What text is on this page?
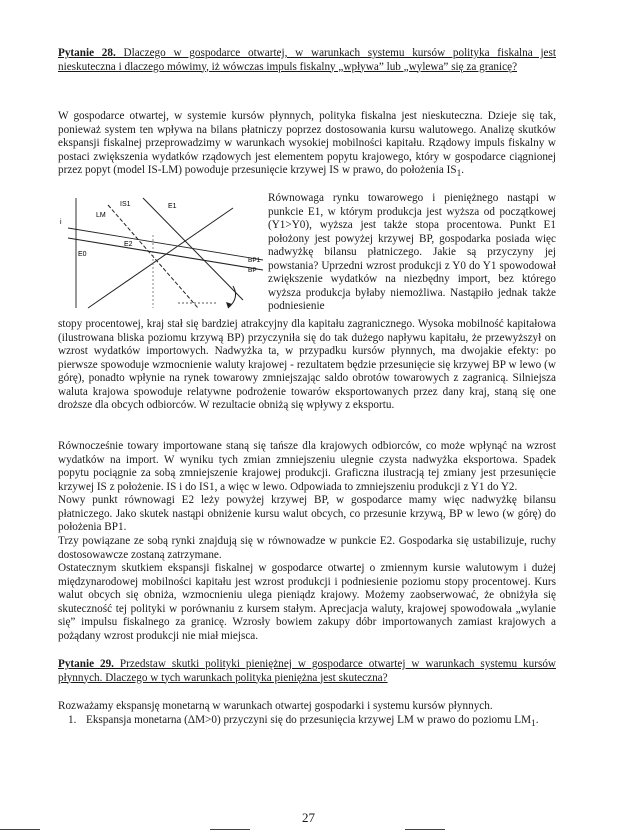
Pytanie 28. Dlaczego w gospodarce otwartej, w warunkach systemu kursów polityka fiskalna jest nieskuteczna i dlaczego mówimy, iż wówczas impuls fiskalny „wpływa” lub „wylewa” się za granicę?

W gospodarce otwartej, w systemie kursów płynnych, polityka fiskalna jest nieskuteczna. Dzieje się tak, ponieważ system ten wpływa na bilans płatniczy poprzez dostosowania kursu walutowego. Analizę skutków ekspansji fiskalnej przeprowadzimy w warunkach wysokiej mobilności kapitału. Rządowy impuls fiskalny w postaci zwiększenia wydatków rządowych jest elementem popytu krajowego, który w gospodarce ciągnionej przez popyt (model IS-LM) powoduje przesunięcie krzywej IS w prawo, do położenia $IS_1$.

IS1
LM
E1
i
BP
E0
E2
BP1

Równowaga rynku towarowego i pieniężnego nastąpi w punkcie E1, w którym produkcja jest wyższa od początkowej (Y1>Y0), wyższa jest także stopa procentowa. Punkt E1 położony jest powyżej krzywej BP, gospodarka posiada więc nadwyżkę bilansu płatniczego. Jakie są przyczyny jej powstania? Uprzedni wzrost produkcji z Y0 do Y1 spowodował zwiększenie wydatków na niezbędny import, bez którego wyższa produkcja byłaby niemożliwa. Nastąpiło jednak także podniesienie

stopy procentowej, kraj stał się bardziej atrakcyjny dla kapitału zagranicznego. Wysoka mobilność kapitałowa (ilustrowana bliska poziomu krzywą BP) przyczyniła się do tak dużego napływu kapitału, że przewyższył on wzrost wydatków importowych. Nadwyżka ta, w przypadku kursów płynnych, ma dwojakie efekty: po pierwsze spowoduje wzmocnienie waluty krajowej - rezultatem będzie przesunięcie się krzywej BP w lewo (w górę), ponadto wpłynie na rynek towarowy zmniejszając saldo obrotów towarowych z zagranicą. Silniejsza waluta krajowa spowoduje relatywne podrożenie towarów eksportowanych przez dany kraj, staną się one droższe dla obcych odbiorców. W rezultacie obniżą się wpływy z eksportu.

Równocześnie towary importowane staną się tańsze dla krajowych odbiorców, co może wpłynąć na wzrost wydatków na import. W wyniku tych zmian zmniejszeniu ulegnie czysta nadwyżka eksportowa. Spadek popytu pociągnie za sobą zmniejszenie krajowej produkcji. Graficzna ilustracją tej zmiany jest przesunięcie krzywej IS z położenie. IS i do IS1, a więc w lewo. Odpowiada to zmniejszeniu produkcji z Y1 do Y2.

Nowy punkt równowagi E2 leży powyżej krzywej BP, w gospodarce mamy więc nadwyżkę bilansu płatniczego. Jako skutek nastąpi obniżenie kursu walut obcych, co przesunie krzywą, BP w lewo (w górę) do położenia BP1.

Trzy powiązane ze sobą rynki znajdują się w równowadze w punkcie E2. Gospodarka się ustabilizuje, ruchy dostosowawcze zostaną zatrzymane.

Ostatecznym skutkiem ekspansji fiskalnej w gospodarce otwartej o zmiennym kursie walutowym i dużej międzynarodowej mobilności kapitału jest wzrost produkcji i podniesienie poziomu stopy procentowej. Kurs walut obcych się obniża, wzmocnieniu ulega pieniądz krajowy. Możemy zaobserwować, że obniżyła się skuteczność tej polityki w porównaniu z kursem stałym. Aprecjacja waluty, krajowej spowodowała „wylanie się” impulsu fiskalnego za granicę. Wzrosły bowiem zakupy dóbr importowanych zamiast krajowych a pożądany wzrost produkcji nie miał miejsca.

Pytanie 29. Przedstaw skutki polityki pieniężnej w gospodarce otwartej w warunkach systemu kursów płynnych. Dlaczego w tych warunkach polityka pieniężna jest skuteczna?

Rozważamy ekspansję monetarną w warunkach otwartej gospodarki i systemu kursów płynnych.

1. Ekspansja monetarna (ΔM>0) przyczyni się do przesunięcia krzywej LM w prawo do poziomu $LM_1$.
27
